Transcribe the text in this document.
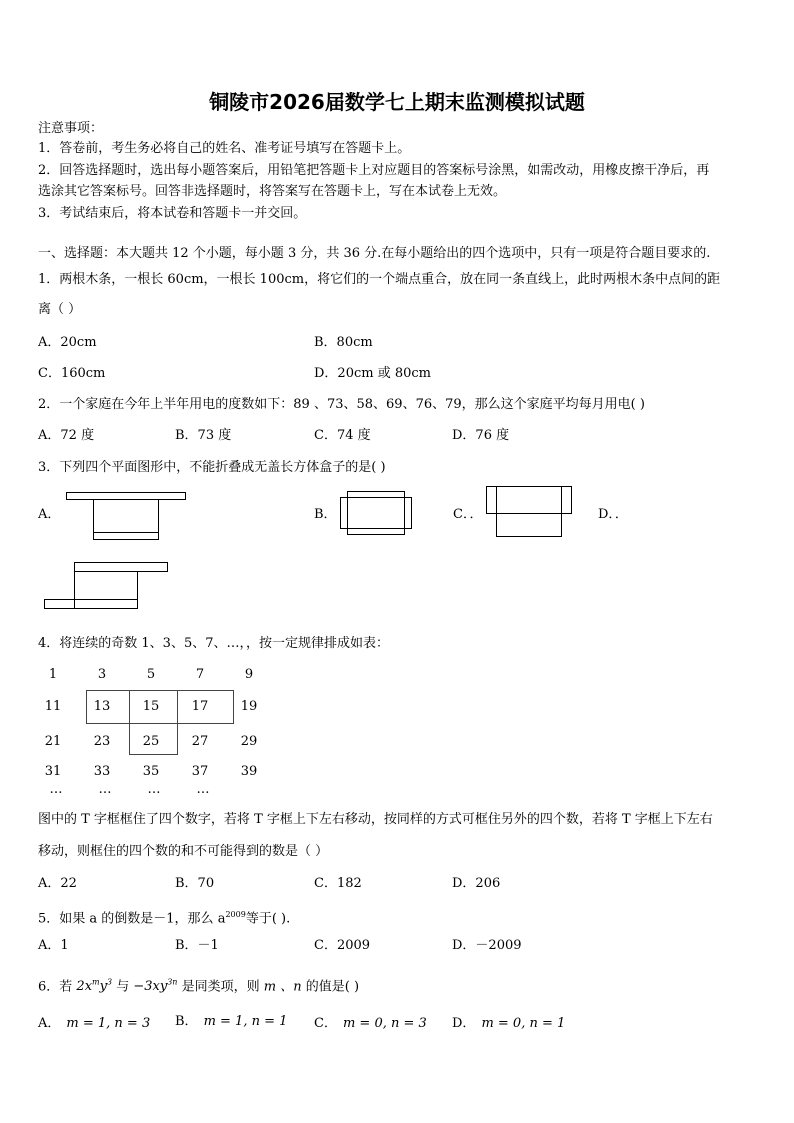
铜陵市2026届数学七上期末监测模拟试题
注意事项：
1．答卷前，考生务必将自己的姓名、准考证号填写在答题卡上。
2．回答选择题时，选出每小题答案后，用铅笔把答题卡上对应题目的答案标号涂黑，如需改动，用橡皮擦干净后，再
选涂其它答案标号。回答非选择题时，将答案写在答题卡上，写在本试卷上无效。
3．考试结束后，将本试卷和答题卡一并交回。
一、选择题：本大题共 12 个小题，每小题 3 分，共 36 分.在每小题给出的四个选项中，只有一项是符合题目要求的.
1．两根木条，一根长 60cm，一根长 100cm，将它们的一个端点重合，放在同一条直线上，此时两根木条中点间的距
离（ ）
A．20cm	B．80cm
C．160cm	D．20cm 或 80cm
2．一个家庭在今年上半年用电的度数如下：89 、73、58、69、76、79，那么这个家庭平均每月用电( )
A．72 度	B．73 度	C．74 度	D．76 度
3．下列四个平面图形中，不能折叠成无盖长方体盒子的是( )
A．	B．	C．．	D．．
4．将连续的奇数 1、3、5、7、…，，按一定规律排成如表：
1	3	5	7	9
11	13	15	17	19
21	23	25	27	29
31	33	35	37	39
…	…	…	…
图中的 T 字框框住了四个数字，若将 T 字框上下左右移动，按同样的方式可框住另外的四个数，若将 T 字框上下左右
移动，则框住的四个数的和不可能得到的数是（ ）
A．22	B．70	C．182	D．206
5．如果 a 的倒数是－1，那么 $a^{2009}$等于( ).
A．1	B．－1	C．2009	D．－2009
6．若 $2x^my^3$ 与 $-3xy^{3n}$ 是同类项，则 m 、n 的值是( )
A． m = 1, n = 3 B． m = 1, n = 1 C． m = 0, n = 3 D． m = 0, n = 1
